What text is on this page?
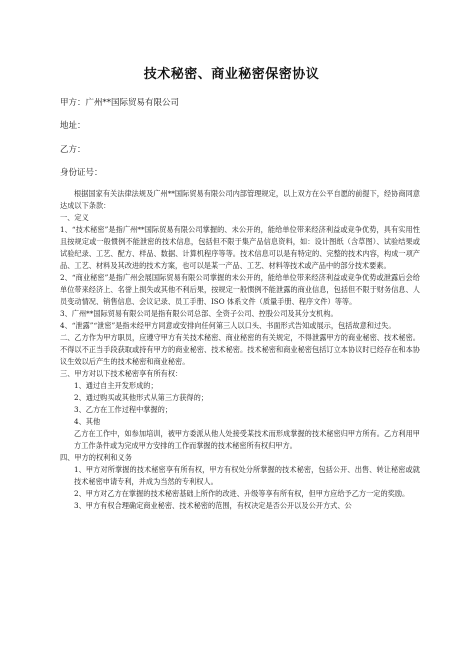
技术秘密、商业秘密保密协议
甲方：广州**国际贸易有限公司
地址：
乙方：
身份证号：

根据国家有关法律法规及广州**国际贸易有限公司内部管理规定，以上双方在公平自愿的前提下，经协商同意达成以下条款：

一、定义

1、“技术秘密”是指广州**国际贸易有限公司掌握的、未公开的，能给单位带来经济利益或竞争优势，具有实用性且按规定或一般惯例不能泄密的技术信息，包括但不限于集产品信息资料，如：设计图纸（含草图）、试验结果或试验纪录、工艺、配方、样品、数据、计算机程序等等。技术信息可以是有特定的、完整的技术内容，构成一项产品、工艺、材料及其改进的技术方案，也可以是某一产品、工艺、材料等技术或产品中的部分技术要素。

2、“商业秘密”是指广州会展国际贸易有限公司掌握的未公开的，能给单位带来经济利益或竞争优势或泄露后会给单位带来经济上、名誉上损失或其他不利后果，按规定一般惯例不能泄露的商业信息，包括但不限于财务信息、人员变动情况、销售信息、会议记录、员工手册、ISO 体系文件（质量手册、程序文件）等等。

3、广州**国际贸易有限公司是指有限公司总部、全资子公司、控股公司及其分支机构。

4、“泄露”“泄密”是指未经甲方同意或安排向任何第三人以口头、书面形式告知或展示，包括故意和过失。

二、乙方作为甲方职员，应遵守甲方有关技术秘密、商业秘密的有关规定，不得泄露甲方的商业秘密、技术秘密。不得以不正当手段获取或持有甲方的商业秘密、技术秘密。技术秘密和商业秘密包括订立本协议时已经存在和本协议生效以后产生的技术秘密和商业秘密。

三、甲方对以下技术秘密享有所有权：

1、通过自主开发形成的；

2、通过购买或其他形式从第三方获得的；

3、乙方在工作过程中掌握的；

4、其他

乙方在工作中，如参加培训，被甲方委派从他人处接受某技术而形成掌握的技术秘密归甲方所有。乙方利用甲方工作条件或为完成甲方安排的工作而掌握的技术秘密所有权归甲方。

四、甲方的权利和义务

1、甲方对所掌握的技术秘密享有所有权，甲方有权处分所掌握的技术秘密，包括公开、出售、转让秘密或就技术秘密申请专利，并成为当然的专利权人。

2、甲方对乙方在掌握的技术秘密基础上所作的改进、升级等享有所有权，但甲方应给予乙方一定的奖励。

3、甲方有权合理确定商业秘密、技术秘密的范围，有权决定是否公开以及公开方式、公
